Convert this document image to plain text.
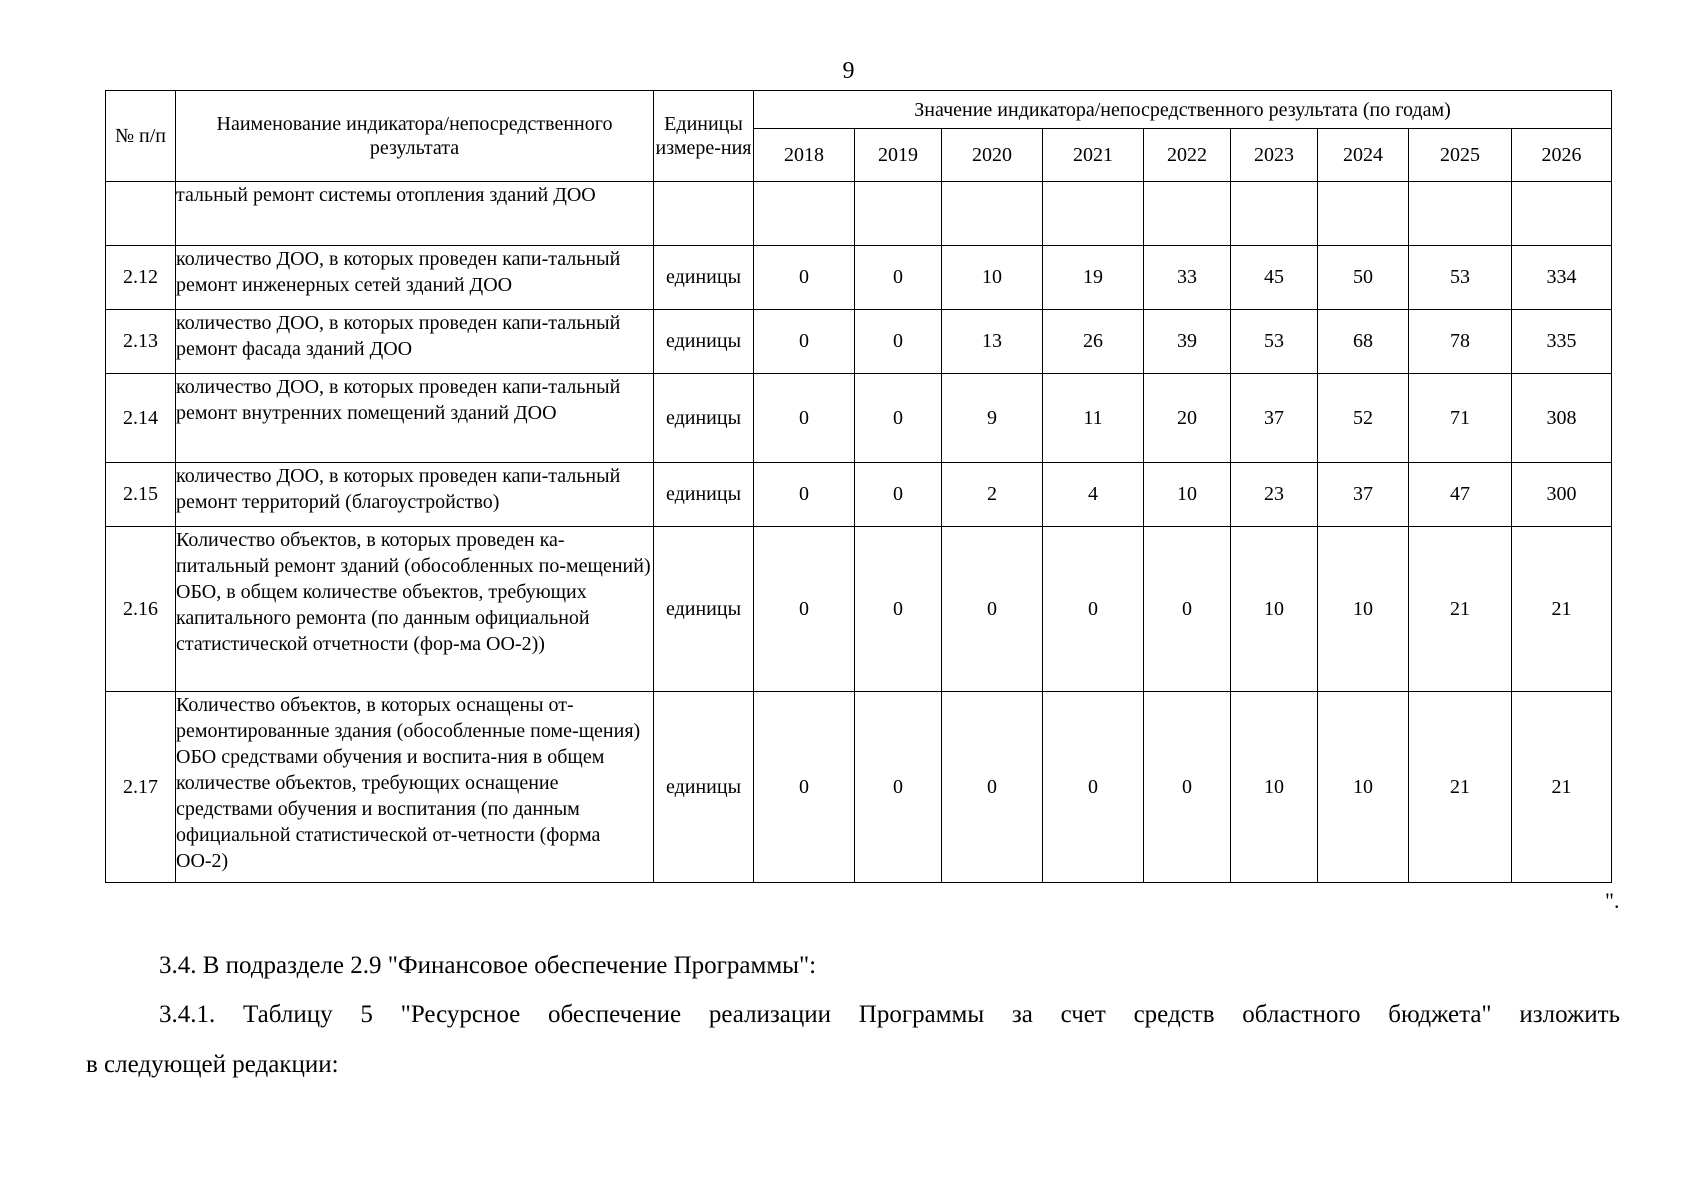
9
№ п/п	Наименование индикатора/непосредственного результата	Единицы измере-ния	Значение индикатора/непосредственного результата (по годам)									
			2018	2019	2020	2021	2022	2023	2024	2025	2026	
	тальный ремонт системы отопления зданий ДОО											
2.12	количество ДОО, в которых проведен капи-тальный ремонт инженерных сетей зданий ДОО	единицы	0	0	10	19	33	45	50	53	334	
2.13	количество ДОО, в которых проведен капи-тальный ремонт фасада зданий ДОО	единицы	0	0	13	26	39	53	68	78	335	
2.14	количество ДОО, в которых проведен капи-тальный ремонт внутренних помещений зданий ДОО	единицы	0	0	9	11	20	37	52	71	308	
2.15	количество ДОО, в которых проведен капи-тальный ремонт территорий (благоустройство)	единицы	0	0	2	4	10	23	37	47	300	
2.16	Количество объектов, в которых проведен ка-питальный ремонт зданий (обособленных по-мещений) ОБО, в общем количестве объектов, требующих капитального ремонта (по данным официальной статистической отчетности (фор-ма ОО-2))	единицы	0	0	0	0	0	10	10	21	21	
2.17	Количество объектов, в которых оснащены от-ремонтированные здания (обособленные поме-щения) ОБО средствами обучения и воспита-ния в общем количестве объектов, требующих оснащение средствами обучения и воспитания (по данным официальной статистической от-четности (форма ОО-2)	единицы	0	0	0	0	0	10	10	21	21	
".
3.4. В подразделе 2.9 "Финансовое обеспечение Программы":
3.4.1. Таблицу 5 "Ресурсное обеспечение реализации Программы за счет средств областного бюджета" изложить
в следующей редакции:
